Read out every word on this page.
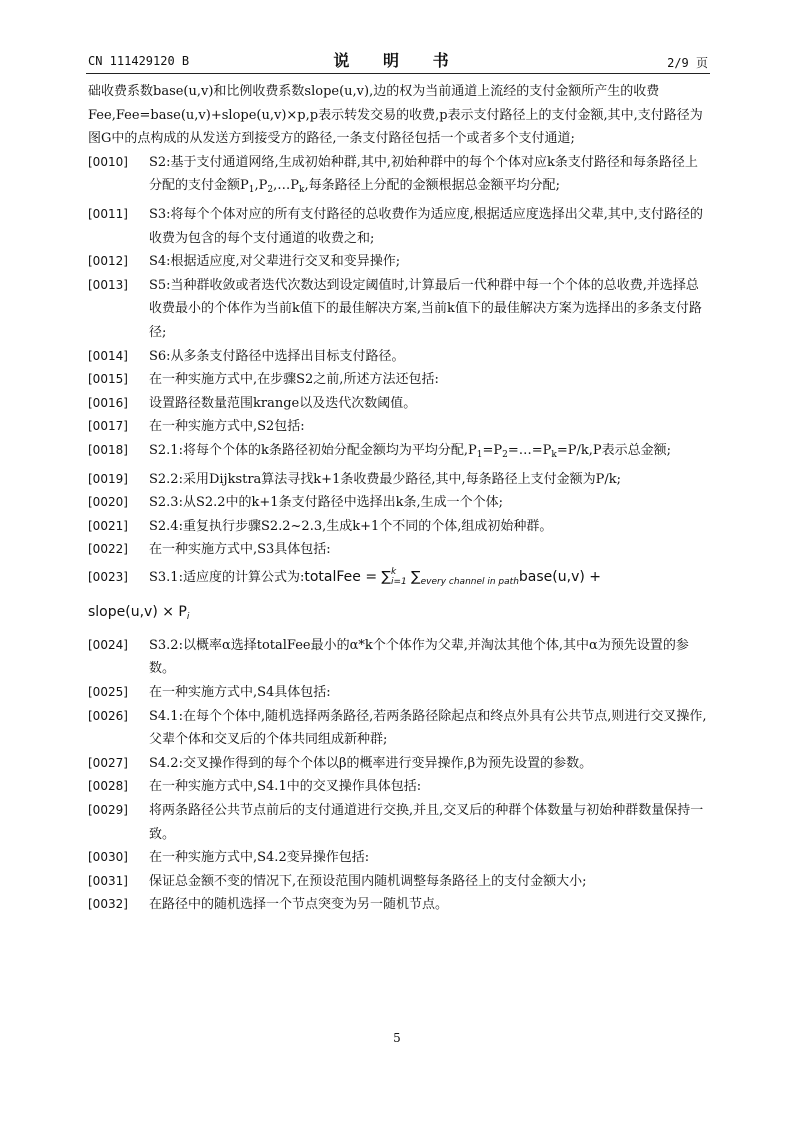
CN 111429120 B	说 明 书	2/9 页

础收费系数base(u,v)和比例收费系数slope(u,v),边的权为当前通道上流经的支付金额所产生的收费Fee,Fee=base(u,v)+slope(u,v)×p,p表示转发交易的收费,p表示支付路径上的支付金额,其中,支付路径为图G中的点构成的从发送方到接受方的路径,一条支付路径包括一个或者多个支付通道;

[0010] S2:基于支付通道网络,生成初始种群,其中,初始种群中的每个个体对应k条支付路径和每条路径上分配的支付金额$P_1,P_2,\dots P_k$,每条路径上分配的金额根据总金额平均分配;

[0011] S3:将每个个体对应的所有支付路径的总收费作为适应度,根据适应度选择出父辈,其中,支付路径的收费为包含的每个支付通道的收费之和;

[0012] S4:根据适应度,对父辈进行交叉和变异操作;

[0013] S5:当种群收敛或者迭代次数达到设定阈值时,计算最后一代种群中每一个个体的总收费,并选择总收费最小的个体作为当前k值下的最佳解决方案,当前k值下的最佳解决方案为选择出的多条支付路径;

[0014] S6:从多条支付路径中选择出目标支付路径。

[0015] 在一种实施方式中,在步骤S2之前,所述方法还包括:

[0016] 设置路径数量范围krange以及迭代次数阈值。

[0017] 在一种实施方式中,S2包括:

[0018] S2.1:将每个个体的k条路径初始分配金额均为平均分配$,P_1=P_2=\dots=P_k=P/k,P$表示总金额;

[0019] S2.2:采用Dijkstra算法寻找k+1条收费最少路径,其中,每条路径上支付金额为P/k;

[0020] S2.3:从S2.2中的k+1条支付路径中选择出k条,生成一个个体;

[0021] S2.4:重复执行步骤S2.2~2.3,生成k+1个不同的个体,组成初始种群。

[0022] 在一种实施方式中,S3具体包括:

[0023] S3.1:适应度的计算公式为:totalFee = ∑k
i=1 $\sum_{every channel in path}base(u,v)$ +

slope(u,v) × $P_i$

[0024] S3.2:以概率α选择totalFee最小的α*k个个体作为父辈,并淘汰其他个体,其中α为预先设置的参数。

[0025] 在一种实施方式中,S4具体包括:

[0026] S4.1:在每个个体中,随机选择两条路径,若两条路径除起点和终点外具有公共节点,则进行交叉操作,父辈个体和交叉后的个体共同组成新种群;

[0027] S4.2:交叉操作得到的每个个体以β的概率进行变异操作,β为预先设置的参数。

[0028] 在一种实施方式中,S4.1中的交叉操作具体包括:

[0029] 将两条路径公共节点前后的支付通道进行交换,并且,交叉后的种群个体数量与初始种群数量保持一致。

[0030] 在一种实施方式中,S4.2变异操作包括:

[0031] 保证总金额不变的情况下,在预设范围内随机调整每条路径上的支付金额大小;

[0032] 在路径中的随机选择一个节点突变为另一随机节点。

5
